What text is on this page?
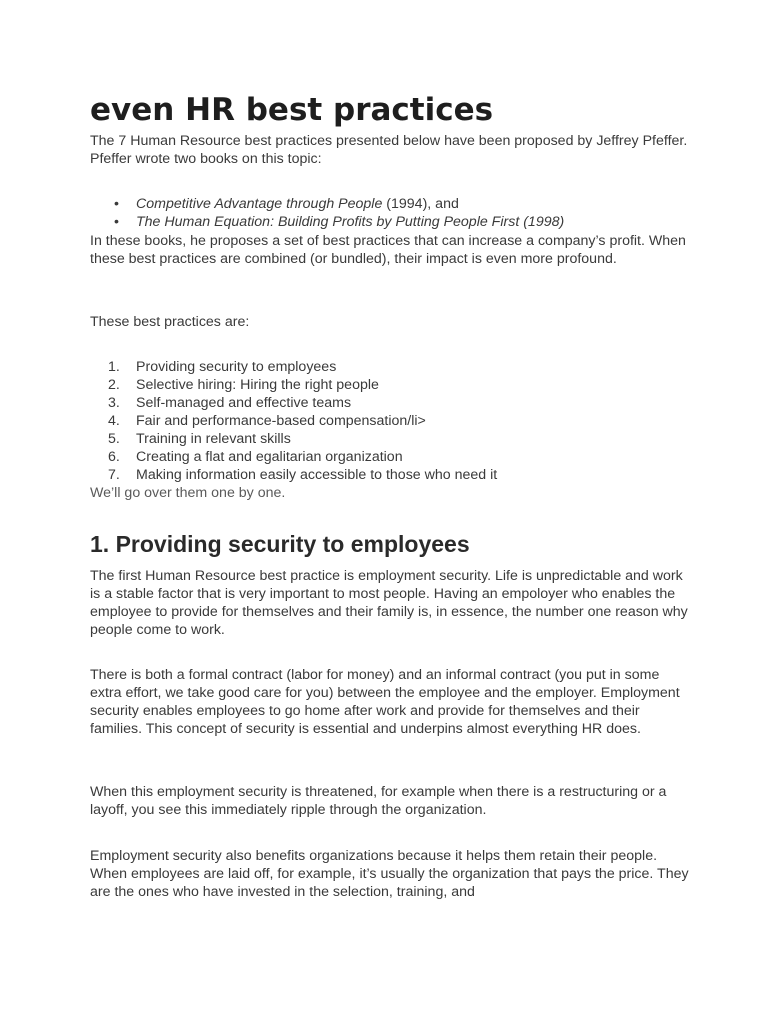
even HR best practices
The 7 Human Resource best practices presented below have been proposed by Jeffrey Pfeffer. Pfeffer wrote two books on this topic:
• Competitive Advantage through People (1994), and
• The Human Equation: Building Profits by Putting People First (1998)
In these books, he proposes a set of best practices that can increase a company’s profit. When these best practices are combined (or bundled), their impact is even more profound.
These best practices are:
1. Providing security to employees
2. Selective hiring: Hiring the right people
3. Self-managed and effective teams
4. Fair and performance-based compensation/li>
5. Training in relevant skills
6. Creating a flat and egalitarian organization
7. Making information easily accessible to those who need it
We’ll go over them one by one.
1. Providing security to employees
The first Human Resource best practice is employment security. Life is unpredictable and work is a stable factor that is very important to most people. Having an empoloyer who enables the employee to provide for themselves and their family is, in essence, the number one reason why people come to work.
There is both a formal contract (labor for money) and an informal contract (you put in some extra effort, we take good care for you) between the employee and the employer. Employment security enables employees to go home after work and provide for themselves and their families. This concept of security is essential and underpins almost everything HR does.
When this employment security is threatened, for example when there is a restructuring or a layoff, you see this immediately ripple through the organization.
Employment security also benefits organizations because it helps them retain their people. When employees are laid off, for example, it’s usually the organization that pays the price. They are the ones who have invested in the selection, training, and
